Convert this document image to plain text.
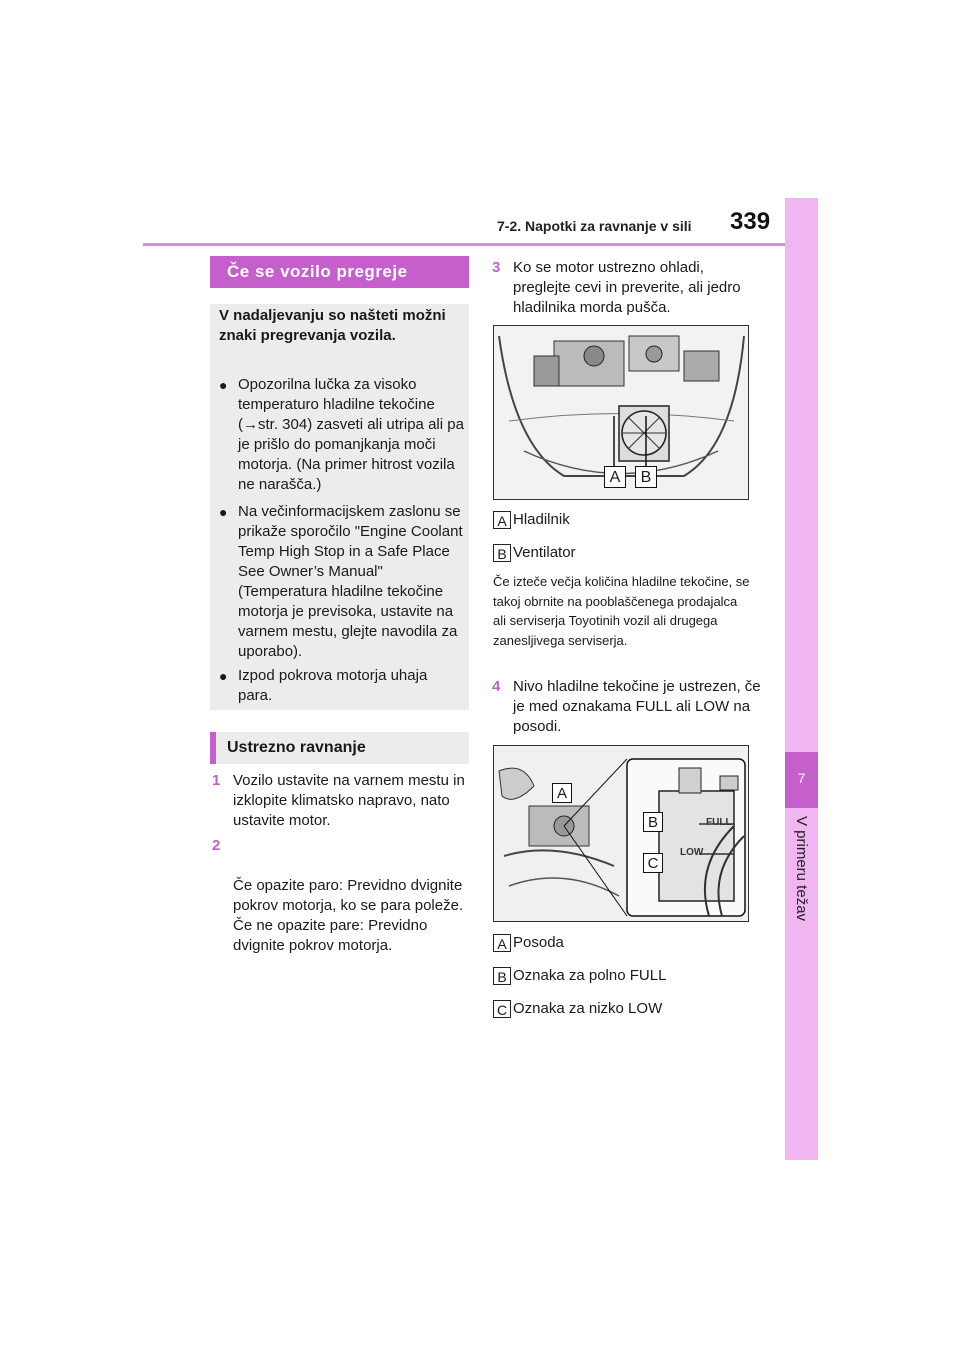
7-2. Napotki za ravnanje v sili 339
7
V primeru težav
Če se vozilo pregreje
V nadaljevanju so našteti možni znaki pregrevanja vozila.
● Opozorilna lučka za visoko temperaturo hladilne tekočine (→str. 304) zasveti ali utripa ali pa je prišlo do pomanjkanja moči motorja. (Na primer hitrost vozila ne narašča.)
● Na večinformacijskem zaslonu se prikaže sporočilo "Engine Coolant Temp High Stop in a Safe Place See Owner’s Manual" (Temperatura hladilne tekočine motorja je previsoka, ustavite na varnem mestu, glejte navodila za uporabo).
● Izpod pokrova motorja uhaja para.
Ustrezno ravnanje
1 Vozilo ustavite na varnem mestu in izklopite klimatsko napravo, nato ustavite motor.

2

Če opazite paro: Previdno dvignite pokrov motorja, ko se para poleže.
Če ne opazite pare: Previdno dvignite pokrov motorja.

3 Ko se motor ustrezno ohladi, preglejte cevi in preverite, ali jedro hladilnika morda pušča.
A	B
A Hladilnik
B Ventilator
Če izteče večja količina hladilne tekočine, se takoj obrnite na pooblaščenega prodajalca ali serviserja Toyotinih vozil ali drugega zanesljivega serviserja.
4 Nivo hladilne tekočine je ustrezen, če je med oznakama FULL ali LOW na posodi.
FULL
LOW
A
B
C
A Posoda
B Oznaka za polno FULL
C Oznaka za nizko LOW
